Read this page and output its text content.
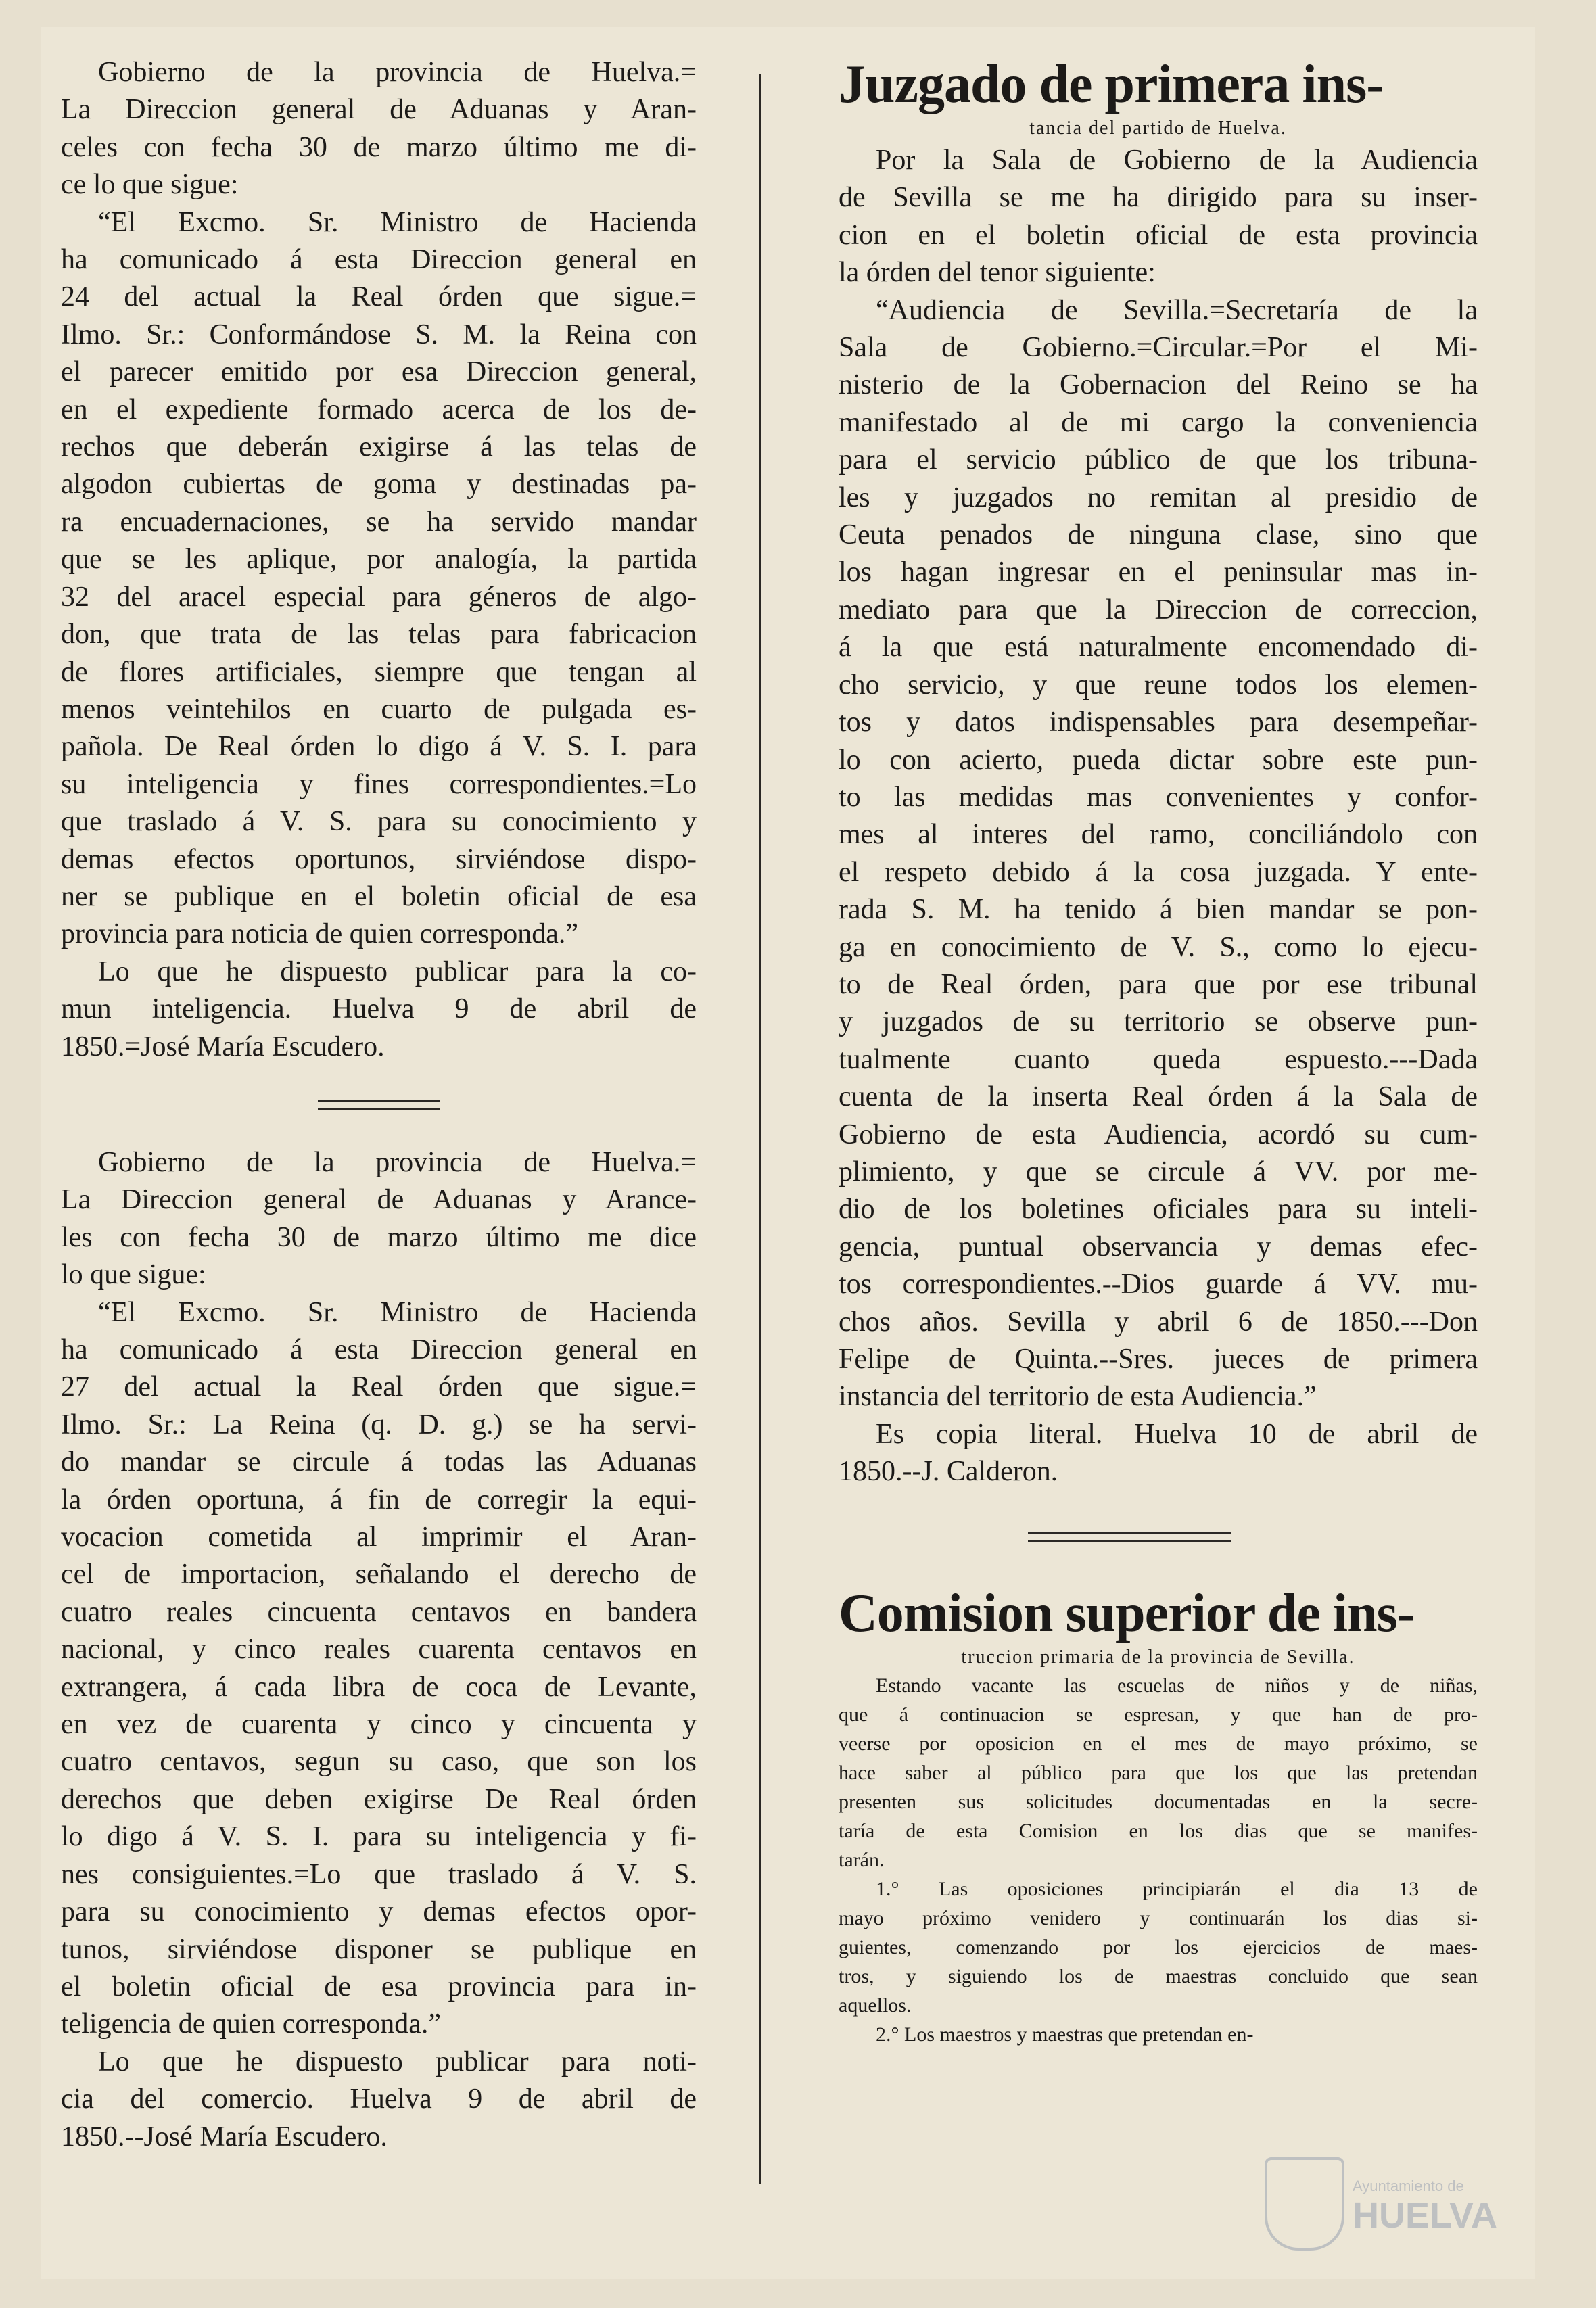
Gobierno de la provincia de Huelva.=
La Direccion general de Aduanas y Aran-
celes con fecha 30 de marzo último me di-
ce lo que sigue:
“El Excmo. Sr. Ministro de Hacienda
ha comunicado á esta Direccion general en
24 del actual la Real órden que sigue.=
Ilmo. Sr.: Conformándose S. M. la Reina con
el parecer emitido por esa Direccion general,
en el expediente formado acerca de los de-
rechos que deberán exigirse á las telas de
algodon cubiertas de goma y destinadas pa-
ra encuadernaciones, se ha servido mandar
que se les aplique, por analogía, la partida
32 del aracel especial para géneros de algo-
don, que trata de las telas para fabricacion
de flores artificiales, siempre que tengan al
menos veintehilos en cuarto de pulgada es-
pañola. De Real órden lo digo á V. S. I. para
su inteligencia y fines correspondientes.=Lo
que traslado á V. S. para su conocimiento y
demas efectos oportunos, sirviéndose dispo-
ner se publique en el boletin oficial de esa
provincia para noticia de quien corresponda.”
Lo que he dispuesto publicar para la co-
mun inteligencia. Huelva 9 de abril de
1850.=José María Escudero.
Gobierno de la provincia de Huelva.=
La Direccion general de Aduanas y Arance-
les con fecha 30 de marzo último me dice
lo que sigue:
“El Excmo. Sr. Ministro de Hacienda
ha comunicado á esta Direccion general en
27 del actual la Real órden que sigue.=
Ilmo. Sr.: La Reina (q. D. g.) se ha servi-
do mandar se circule á todas las Aduanas
la órden oportuna, á fin de corregir la equi-
vocacion cometida al imprimir el Aran-
cel de importacion, señalando el derecho de
cuatro reales cincuenta centavos en bandera
nacional, y cinco reales cuarenta centavos en
extrangera, á cada libra de coca de Levante,
en vez de cuarenta y cinco y cincuenta y
cuatro centavos, segun su caso, que son los
derechos que deben exigirse De Real órden
lo digo á V. S. I. para su inteligencia y fi-
nes consiguientes.=Lo que traslado á V. S.
para su conocimiento y demas efectos opor-
tunos, sirviéndose disponer se publique en
el boletin oficial de esa provincia para in-
teligencia de quien corresponda.”
Lo que he dispuesto publicar para noti-
cia del comercio. Huelva 9 de abril de
1850.--José María Escudero.

Juzgado de primera ins-

tancia del partido de Huelva.

Por la Sala de Gobierno de la Audiencia
de Sevilla se me ha dirigido para su inser-
cion en el boletin oficial de esta provincia
la órden del tenor siguiente:
“Audiencia de Sevilla.=Secretaría de la
Sala de Gobierno.=Circular.=Por el Mi-
nisterio de la Gobernacion del Reino se ha
manifestado al de mi cargo la conveniencia
para el servicio público de que los tribuna-
les y juzgados no remitan al presidio de
Ceuta penados de ninguna clase, sino que
los hagan ingresar en el peninsular mas in-
mediato para que la Direccion de correccion,
á la que está naturalmente encomendado di-
cho servicio, y que reune todos los elemen-
tos y datos indispensables para desempeñar-
lo con acierto, pueda dictar sobre este pun-
to las medidas mas convenientes y confor-
mes al interes del ramo, conciliándolo con
el respeto debido á la cosa juzgada. Y ente-
rada S. M. ha tenido á bien mandar se pon-
ga en conocimiento de V. S., como lo ejecu-
to de Real órden, para que por ese tribunal
y juzgados de su territorio se observe pun-
tualmente cuanto queda espuesto.---Dada
cuenta de la inserta Real órden á la Sala de
Gobierno de esta Audiencia, acordó su cum-
plimiento, y que se circule á VV. por me-
dio de los boletines oficiales para su inteli-
gencia, puntual observancia y demas efec-
tos correspondientes.--Dios guarde á VV. mu-
chos años. Sevilla y abril 6 de 1850.---Don
Felipe de Quinta.--Sres. jueces de primera
instancia del territorio de esta Audiencia.”
Es copia literal. Huelva 10 de abril de
1850.--J. Calderon.

Comision superior de ins-

truccion primaria de la provincia de Sevilla.

Estando vacante las escuelas de niños y de niñas,
que á continuacion se espresan, y que han de pro-
veerse por oposicion en el mes de mayo próximo, se
hace saber al público para que los que las pretendan
presenten sus solicitudes documentadas en la secre-
taría de esta Comision en los dias que se manifes-
tarán.
1.° Las oposiciones principiarán el dia 13 de
mayo próximo venidero y continuarán los dias si-
guientes, comenzando por los ejercicios de maes-
tros, y siguiendo los de maestras concluido que sean
aquellos.
2.° Los maestros y maestras que pretendan en-
Ayuntamiento de
HUELVA
